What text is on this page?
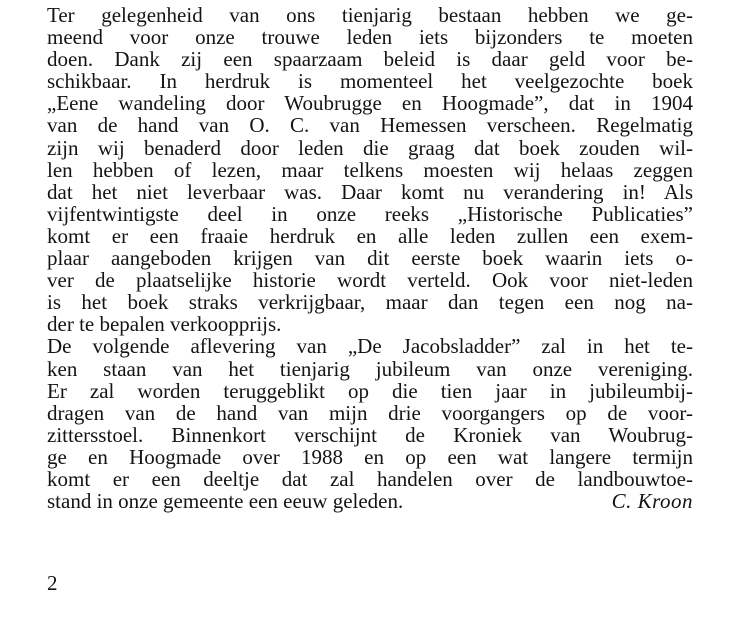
Ter gelegenheid van ons tienjarig bestaan hebben we ge-
meend voor onze trouwe leden iets bijzonders te moeten
doen. Dank zij een spaarzaam beleid is daar geld voor be-
schikbaar. In herdruk is momenteel het veelgezochte boek
„Eene wandeling door Woubrugge en Hoogmade”, dat in 1904
van de hand van O. C. van Hemessen verscheen. Regelmatig
zijn wij benaderd door leden die graag dat boek zouden wil-
len hebben of lezen, maar telkens moesten wij helaas zeggen
dat het niet leverbaar was. Daar komt nu verandering in! Als
vijfentwintigste deel in onze reeks „Historische Publicaties”
komt er een fraaie herdruk en alle leden zullen een exem-
plaar aangeboden krijgen van dit eerste boek waarin iets o-
ver de plaatselijke historie wordt verteld. Ook voor niet-leden
is het boek straks verkrijgbaar, maar dan tegen een nog na-
der te bepalen verkoopprijs.
De volgende aflevering van „De Jacobsladder” zal in het te-
ken staan van het tienjarig jubileum van onze vereniging.
Er zal worden teruggeblikt op die tien jaar in jubileumbij-
dragen van de hand van mijn drie voorgangers op de voor-
zittersstoel. Binnenkort verschijnt de Kroniek van Woubrug-
ge en Hoogmade over 1988 en op een wat langere termijn
komt er een deeltje dat zal handelen over de landbouwtoe-
stand in onze gemeente een eeuw geleden.	C. Kroon
2
